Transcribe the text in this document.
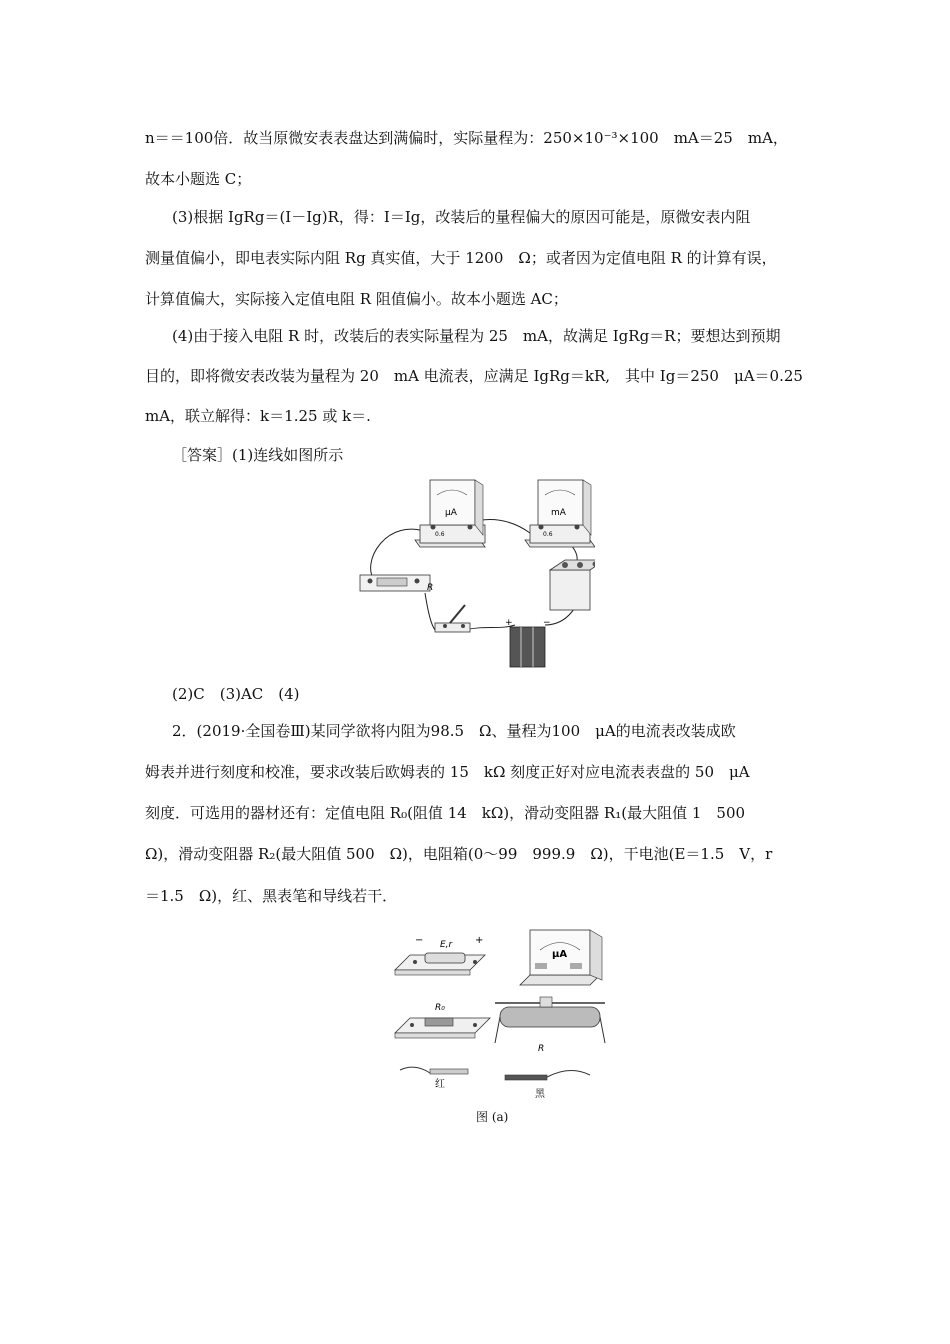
n＝＝100倍．故当原微安表表盘达到满偏时，实际量程为：250×10⁻³×100　mA＝25　mA，
故本小题选 C；
(3)根据 IgRg＝(I－Ig)R，得：I＝Ig，改装后的量程偏大的原因可能是，原微安表内阻
测量值偏小，即电表实际内阻 Rg 真实值，大于 1200　Ω；或者因为定值电阻 R 的计算有误，
计算值偏大，实际接入定值电阻 R 阻值偏小。故本小题选 AC；
(4)由于接入电阻 R 时，改装后的表实际量程为 25　mA，故满足 IgRg＝R；要想达到预期
目的，即将微安表改装为量程为 20　mA 电流表，应满足 IgRg＝kR,　其中 Ig＝250　μA＝0.25
mA，联立解得：k＝1.25 或 k＝.
［答案］(1)连线如图所示
μA
0.6
mA
0.6
R
+	−
(2)C　(3)AC　(4)
2．(2019·全国卷Ⅲ)某同学欲将内阻为98.5　Ω、量程为100　μA的电流表改装成欧
姆表并进行刻度和校准，要求改装后欧姆表的 15　kΩ 刻度正好对应电流表表盘的 50　μA
刻度．可选用的器材还有：定值电阻 R₀(阻值 14　kΩ)，滑动变阻器 R₁(最大阻值 1　500
Ω)，滑动变阻器 R₂(最大阻值 500　Ω)，电阻箱(0～99　999.9　Ω)，干电池(E＝1.5　V，r
＝1.5　Ω)，红、黑表笔和导线若干．
E,r
−	+
μA
R₀
R
红
黑
图 (a)
